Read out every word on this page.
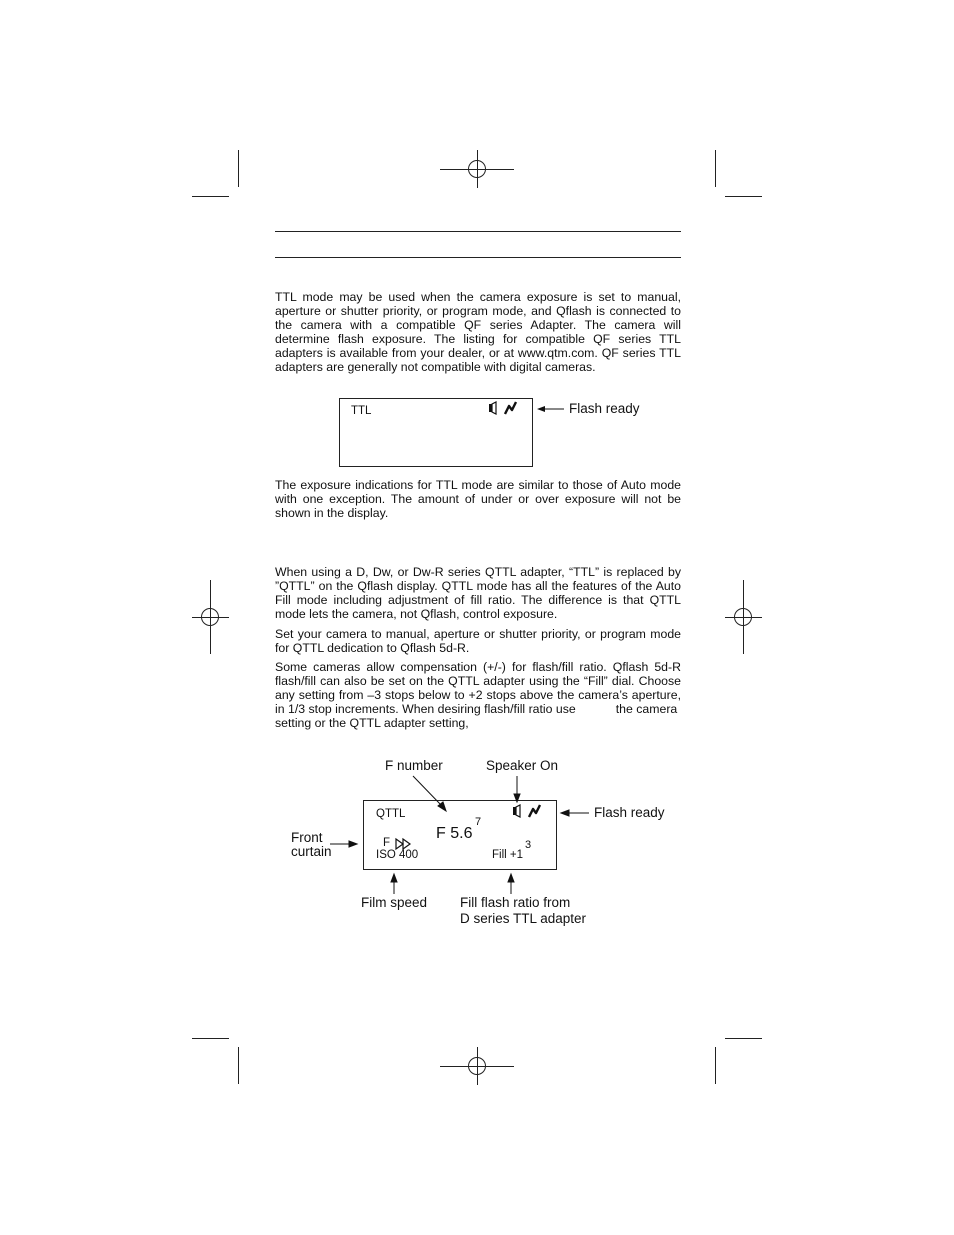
TTL mode may be used when the camera exposure is set to manual, aperture or shutter priority, or program mode, and Qflash is connected to the camera with a compatible QF series Adapter. The camera will determine flash exposure. The listing for compatible QF series TTL adapters is available from your dealer, or at www.qtm.com. QF series TTL adapters are generally not compatible with digital cameras.

TTL	Flash ready

The exposure indications for TTL mode are similar to those of Auto mode with one exception. The amount of under or over exposure will not be shown in the display.

When using a D, Dw, or Dw-R series QTTL adapter, “TTL” is replaced by ”QTTL” on the Qflash display. QTTL mode has all the features of the Auto Fill mode including adjustment of fill ratio. The difference is that QTTL mode lets the camera, not Qflash, control exposure.

Set your camera to manual, aperture or shutter priority, or program mode for QTTL dedication to Qflash 5d-R.

Some cameras allow compensation (+/-) for flash/fill ratio. Qflash 5d-R flash/fill can also be set on the QTTL adapter using the “Fill” dial. Choose any setting from –3 stops below to +2 stops above the camera’s aperture, in 1/3 stop increments. When desiring flash/fill ratio use	the camera
setting or the QTTL adapter setting,
F number	Speaker On
Flash ready
Front
curtain
Film speed Fill flash ratio from
D series TTL adapter
QTTL
F 5.6
7
F
ISO 400	Fill +1
3
